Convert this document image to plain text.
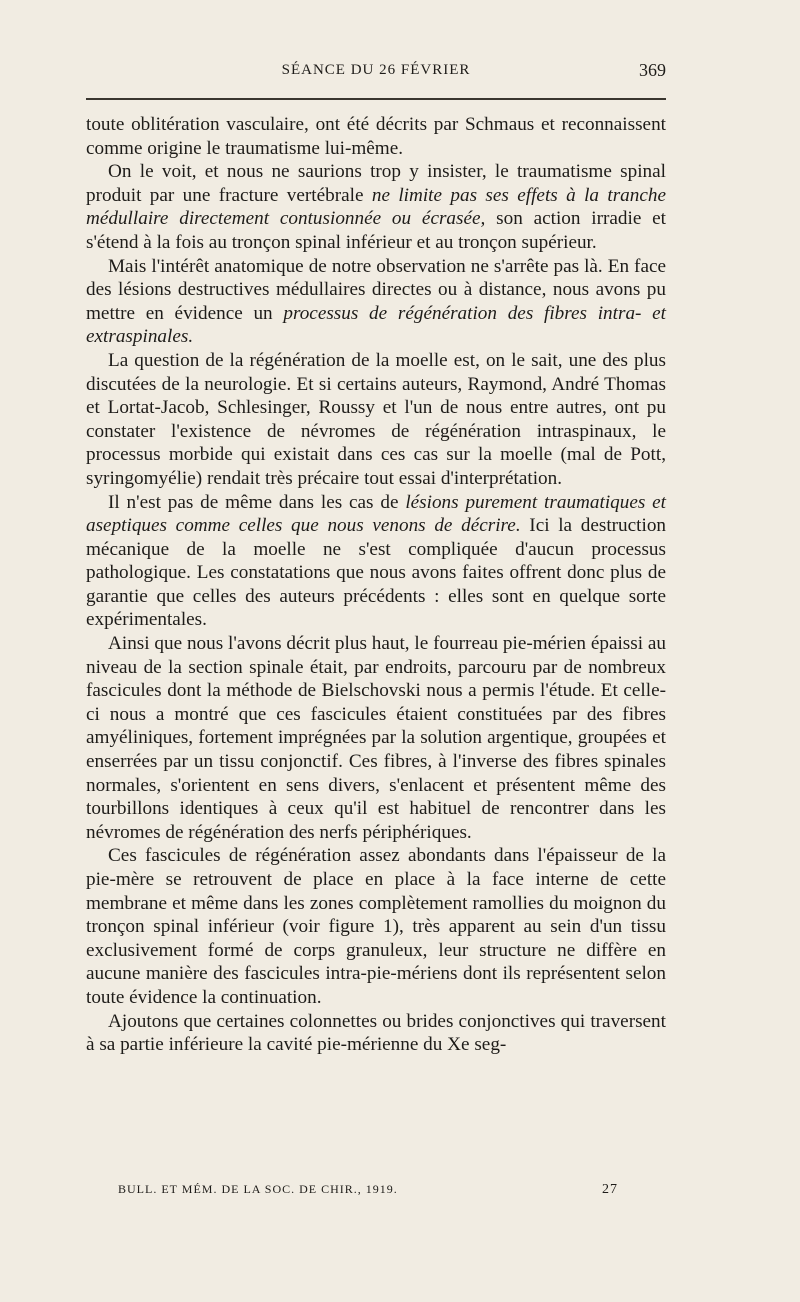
SÉANCE DU 26 FÉVRIER	369

toute oblitération vasculaire, ont été décrits par Schmaus et reconnaissent comme origine le traumatisme lui-même.

On le voit, et nous ne saurions trop y insister, le traumatisme spinal produit par une fracture vertébrale ne limite pas ses effets à la tranche médullaire directement contusionnée ou écrasée, son action irradie et s'étend à la fois au tronçon spinal inférieur et au tronçon supérieur.

Mais l'intérêt anatomique de notre observation ne s'arrête pas là. En face des lésions destructives médullaires directes ou à distance, nous avons pu mettre en évidence un processus de régénération des fibres intra- et extraspinales.

La question de la régénération de la moelle est, on le sait, une des plus discutées de la neurologie. Et si certains auteurs, Raymond, André Thomas et Lortat-Jacob, Schlesinger, Roussy et l'un de nous entre autres, ont pu constater l'existence de névromes de régénération intraspinaux, le processus morbide qui existait dans ces cas sur la moelle (mal de Pott, syringomyélie) rendait très précaire tout essai d'interprétation.

Il n'est pas de même dans les cas de lésions purement traumatiques et aseptiques comme celles que nous venons de décrire. Ici la destruction mécanique de la moelle ne s'est compliquée d'aucun processus pathologique. Les constatations que nous avons faites offrent donc plus de garantie que celles des auteurs précédents : elles sont en quelque sorte expérimentales.

Ainsi que nous l'avons décrit plus haut, le fourreau pie-mérien épaissi au niveau de la section spinale était, par endroits, parcouru par de nombreux fascicules dont la méthode de Bielschovski nous a permis l'étude. Et celle-ci nous a montré que ces fascicules étaient constituées par des fibres amyéliniques, fortement imprégnées par la solution argentique, groupées et enserrées par un tissu conjonctif. Ces fibres, à l'inverse des fibres spinales normales, s'orientent en sens divers, s'enlacent et présentent même des tourbillons identiques à ceux qu'il est habituel de rencontrer dans les névromes de régénération des nerfs périphériques.

Ces fascicules de régénération assez abondants dans l'épaisseur de la pie-mère se retrouvent de place en place à la face interne de cette membrane et même dans les zones complètement ramollies du moignon du tronçon spinal inférieur (voir figure 1), très apparent au sein d'un tissu exclusivement formé de corps granuleux, leur structure ne diffère en aucune manière des fascicules intra-pie-mériens dont ils représentent selon toute évidence la continuation.

Ajoutons que certaines colonnettes ou brides conjonctives qui traversent à sa partie inférieure la cavité pie-mérienne du Xe seg-

BULL. ET MÉM. DE LA SOC. DE CHIR., 1919.	27
